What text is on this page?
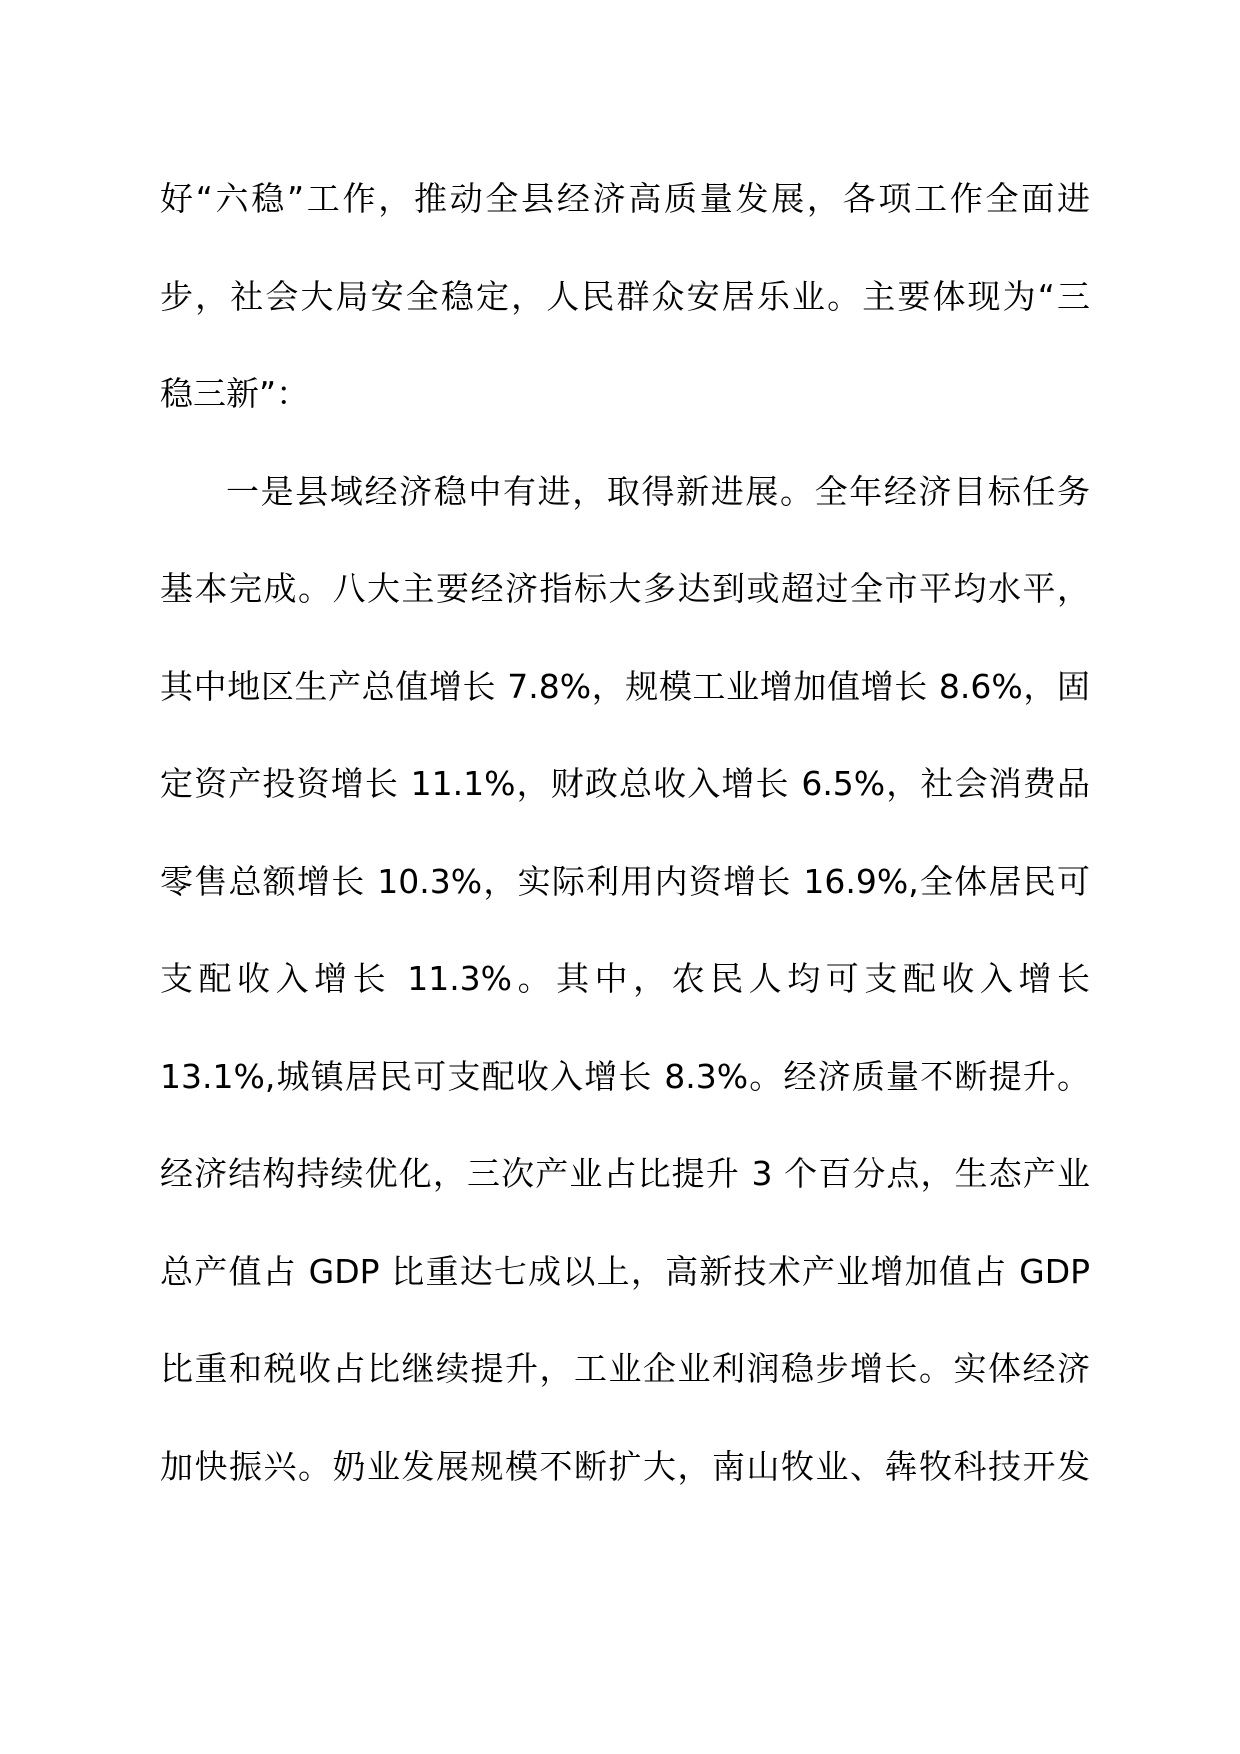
好“六稳”工作，推动全县经济高质量发展，各项工作全面进
步，社会大局安全稳定，人民群众安居乐业。主要体现为“三
稳三新”：
一是县域经济稳中有进，取得新进展。全年经济目标任务
基本完成。八大主要经济指标大多达到或超过全市平均水平，
其中地区生产总值增长 7.8%，规模工业增加值增长 8.6%，固
定资产投资增长 11.1%，财政总收入增长 6.5%，社会消费品
零售总额增长 10.3%，实际利用内资增长 16.9%,全体居民可
支配收入增长 11.3%。其中，农民人均可支配收入增长
13.1%,城镇居民可支配收入增长 8.3%。经济质量不断提升。
经济结构持续优化，三次产业占比提升 3 个百分点，生态产业
总产值占 GDP 比重达七成以上，高新技术产业增加值占 GDP
比重和税收占比继续提升，工业企业利润稳步增长。实体经济
加快振兴。奶业发展规模不断扩大，南山牧业、犇牧科技开发
